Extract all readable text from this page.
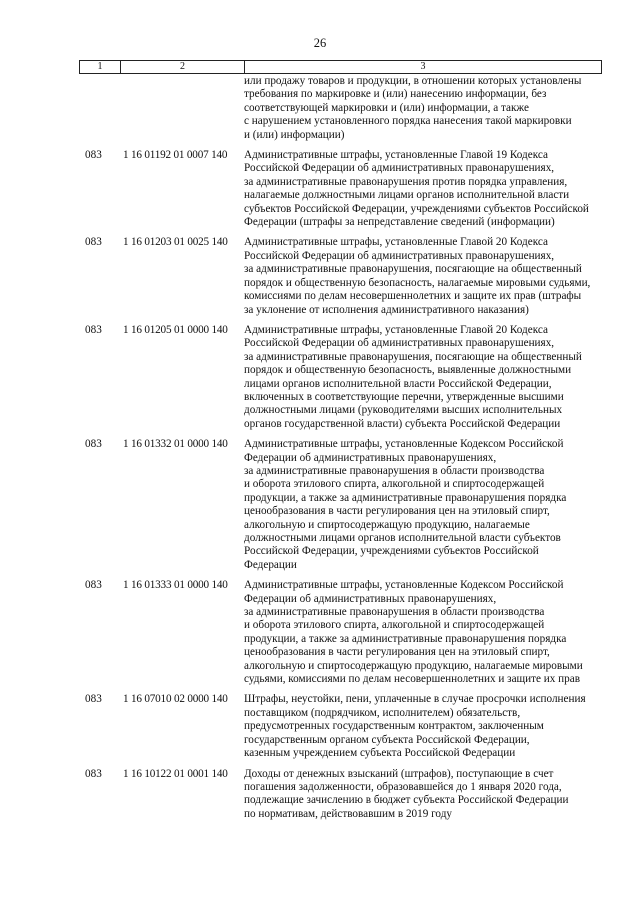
26
1	2	3
или продажу товаров и продукции, в отношении которых установлены
требования по маркировке и (или) нанесению информации, без
соответствующей маркировки и (или) информации, а также
с нарушением установленного порядка нанесения такой маркировки
и (или) информации)
083	1 16 01192 01 0007 140	Административные штрафы, установленные Главой 19 Кодекса
Российской Федерации об административных правонарушениях,
за административные правонарушения против порядка управления,
налагаемые должностными лицами органов исполнительной власти
субъектов Российской Федерации, учреждениями субъектов Российской
Федерации (штрафы за непредставление сведений (информации)
083	1 16 01203 01 0025 140	Административные штрафы, установленные Главой 20 Кодекса
Российской Федерации об административных правонарушениях,
за административные правонарушения, посягающие на общественный
порядок и общественную безопасность, налагаемые мировыми судьями,
комиссиями по делам несовершеннолетних и защите их прав (штрафы
за уклонение от исполнения административного наказания)
083	1 16 01205 01 0000 140	Административные штрафы, установленные Главой 20 Кодекса
Российской Федерации об административных правонарушениях,
за административные правонарушения, посягающие на общественный
порядок и общественную безопасность, выявленные должностными
лицами органов исполнительной власти Российской Федерации,
включенных в соответствующие перечни, утвержденные высшими
должностными лицами (руководителями высших исполнительных
органов государственной власти) субъекта Российской Федерации
083	1 16 01332 01 0000 140	Административные штрафы, установленные Кодексом Российской
Федерации об административных правонарушениях,
за административные правонарушения в области производства
и оборота этилового спирта, алкогольной и спиртосодержащей
продукции, а также за административные правонарушения порядка
ценообразования в части регулирования цен на этиловый спирт,
алкогольную и спиртосодержащую продукцию, налагаемые
должностными лицами органов исполнительной власти субъектов
Российской Федерации, учреждениями субъектов Российской
Федерации
083	1 16 01333 01 0000 140	Административные штрафы, установленные Кодексом Российской
Федерации об административных правонарушениях,
за административные правонарушения в области производства
и оборота этилового спирта, алкогольной и спиртосодержащей
продукции, а также за административные правонарушения порядка
ценообразования в части регулирования цен на этиловый спирт,
алкогольную и спиртосодержащую продукцию, налагаемые мировыми
судьями, комиссиями по делам несовершеннолетних и защите их прав
083	1 16 07010 02 0000 140	Штрафы, неустойки, пени, уплаченные в случае просрочки исполнения
поставщиком (подрядчиком, исполнителем) обязательств,
предусмотренных государственным контрактом, заключенным
государственным органом субъекта Российской Федерации,
казенным учреждением субъекта Российской Федерации
083	1 16 10122 01 0001 140	Доходы от денежных взысканий (штрафов), поступающие в счет
погашения задолженности, образовавшейся до 1 января 2020 года,
подлежащие зачислению в бюджет субъекта Российской Федерации
по нормативам, действовавшим в 2019 году
